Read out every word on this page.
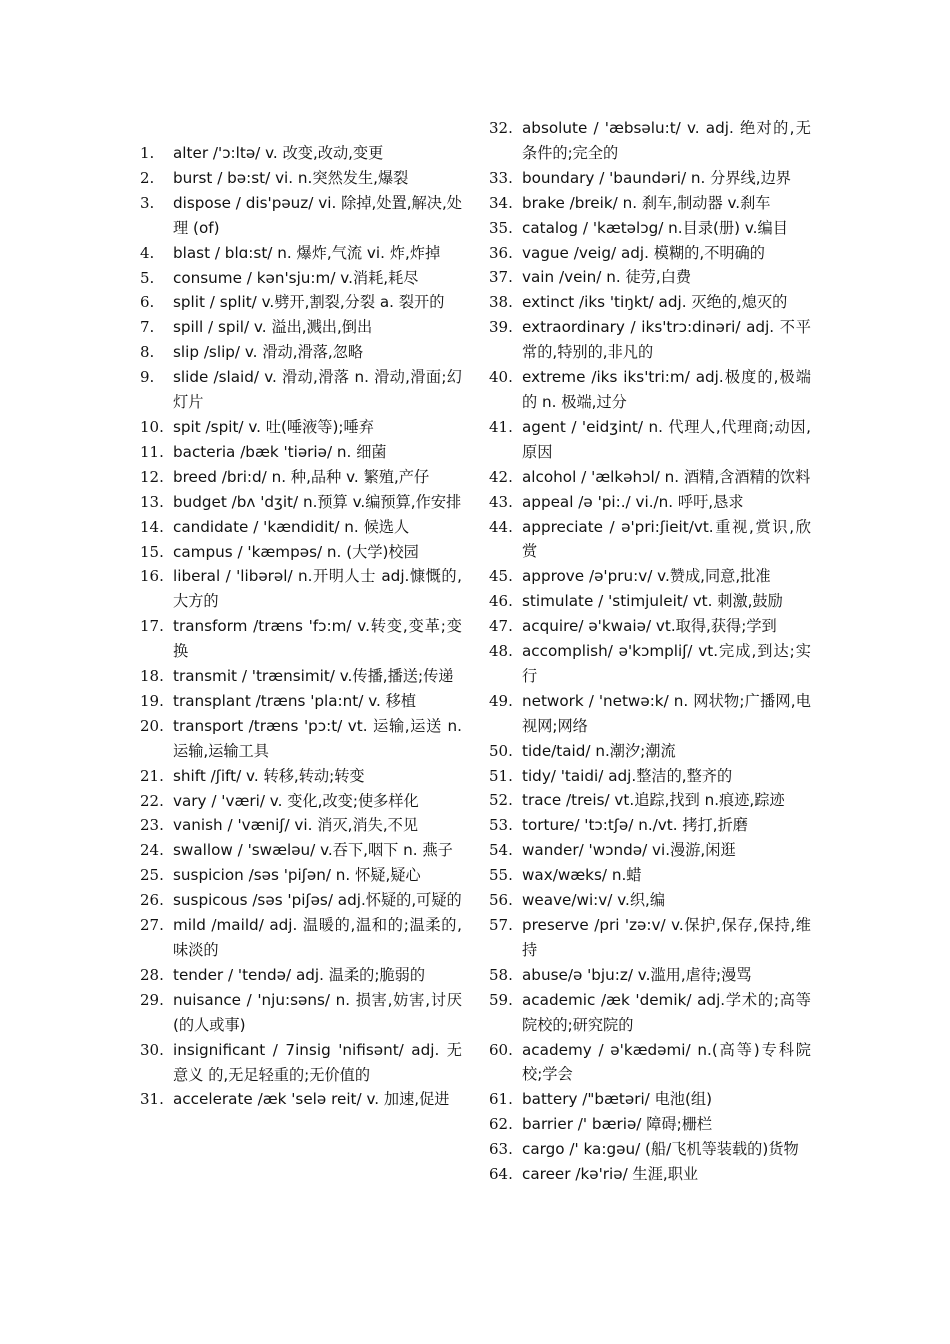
1.	alter /'ɔ:ltə/ v. 改变,改动,变更
2.	burst / bə:st/ vi. n.突然发生,爆裂
3.	dispose / dis'pəuz/ vi. 除掉,处置,解决,处理 (of)
4.	blast / blɑ:st/ n. 爆炸,气流 vi. 炸,炸掉
5.	consume / kən'sju:m/ v.消耗,耗尽
6.	split / split/ v.劈开,割裂,分裂 a. 裂开的
7.	spill / spil/ v. 溢出,溅出,倒出
8.	slip /slip/ v. 滑动,滑落,忽略
9.	slide /slaid/ v. 滑动,滑落 n. 滑动,滑面;幻灯片
10. spit /spit/ v. 吐(唾液等);唾弃
11. bacteria /bæk 'tiəriə/ n. 细菌
12. breed /bri:d/ n. 种,品种 v. 繁殖,产仔
13. budget /bʌ 'dʒit/ n.预算 v.编预算,作安排
14. candidate / 'kændidit/ n. 候选人
15. campus / 'kæmpəs/ n. (大学)校园
16. liberal / 'libərəl/ n.开明人士 adj.慷慨的,大方的
17. transform /træns 'fɔ:m/ v.转变,变革;变换
18. transmit / 'trænsimit/ v.传播,播送;传递
19. transplant /træns 'pla:nt/ v. 移植
20. transport /træns 'pɔ:t/ vt. 运输,运送 n. 运输,运输工具
21. shift /ʃift/ v. 转移,转动;转变
22. vary / 'væri/ v. 变化,改变;使多样化
23. vanish / 'væniʃ/ vi. 消灭,消失,不见
24. swallow / 'swæləu/ v.吞下,咽下 n. 燕子
25. suspicion /səs 'piʃən/ n. 怀疑,疑心
26. suspicous /səs 'piʃəs/ adj.怀疑的,可疑的
27. mild /maild/ adj. 温暖的,温和的;温柔的,味淡的
28. tender / 'tendə/ adj. 温柔的;脆弱的
29. nuisance / 'nju:səns/ n. 损害,妨害,讨厌(的人或事)
30. insignificant / 7insig 'nifisənt/ adj. 无意义 的,无足轻重的;无价值的
31. accelerate /æk 'selə reit/ v. 加速,促进
32. absolute / 'æbsəlu:t/ v. adj. 绝对的,无条件的;完全的
33. boundary / 'baundəri/ n. 分界线,边界
34. brake /breik/ n. 刹车,制动器 v.刹车
35. catalog / 'kætəlɔg/ n.目录(册) v.编目
36. vague /veig/ adj. 模糊的,不明确的
37. vain /vein/ n. 徒劳,白费
38. extinct /iks 'tiŋkt/ adj. 灭绝的,熄灭的
39. extraordinary / iks'trɔ:dinəri/ adj. 不平常的,特别的,非凡的
40. extreme /iks iks'tri:m/ adj.极度的,极端的 n. 极端,过分
41. agent / 'eidʒint/ n. 代理人,代理商;动因,原因
42. alcohol / 'ælkəhɔl/ n. 酒精,含酒精的饮料
43. appeal /ə 'pi:./ vi./n. 呼吁,恳求
44. appreciate / ə'pri:ʃieit/vt.重视,赏识,欣赏
45. approve /ə'pru:v/ v.赞成,同意,批准
46. stimulate / 'stimjuleit/ vt. 刺激,鼓励
47. acquire/ ə'kwaiə/ vt.取得,获得;学到
48. accomplish/ ə'kɔmpliʃ/ vt.完成,到达;实行
49. network / 'netwə:k/ n. 网状物;广播网,电视网;网络
50. tide/taid/ n.潮汐;潮流
51. tidy/ 'taidi/ adj.整洁的,整齐的
52. trace /treis/ vt.追踪,找到 n.痕迹,踪迹
53. torture/ 'tɔ:tʃə/ n./vt. 拷打,折磨
54. wander/ 'wɔndə/ vi.漫游,闲逛
55. wax/wæks/ n.蜡
56. weave/wi:v/ v.织,编
57. preserve /pri 'zə:v/ v.保护,保存,保持,维持
58. abuse/ə 'bju:z/ v.滥用,虐待;漫骂
59. academic /æk 'demik/ adj.学术的;高等院校的;研究院的
60. academy / ə'kædəmi/ n.(高等)专科院校;学会
61. battery /"bætəri/ 电池(组)
62. barrier /' bæriə/ 障碍;栅栏
63. cargo /' ka:gəu/ (船/飞机等装载的)货物
64. career /kə'riə/ 生涯,职业
